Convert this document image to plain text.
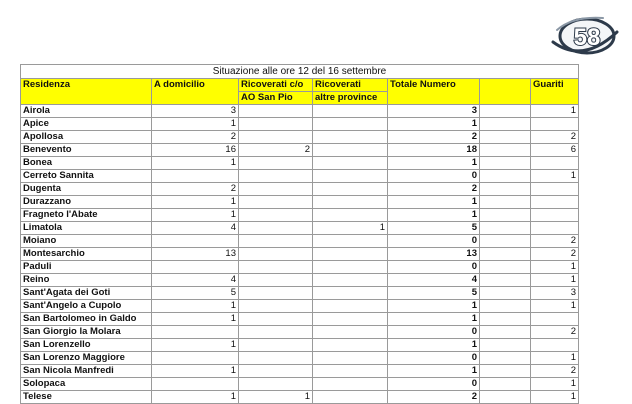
58
Situazione alle ore 12 del 16 settembre						
Residenza	A domicilio	Ricoverati c/o	Ricoverati	Totale Numero		Guariti
		AO San Pio	altre province			
Airola	3			3		1
Apice	1			1		
Apollosa	2			2		2
Benevento	16	2		18		6
Bonea	1			1		
Cerreto Sannita				0		1
Dugenta	2			2		
Durazzano	1			1		
Fragneto l'Abate	1			1		
Limatola	4		1	5		
Moiano				0		2
Montesarchio	13			13		2
Paduli				0		1
Reino	4			4		1
Sant'Agata dei Goti	5			5		3
Sant'Angelo a Cupolo	1			1		1
San Bartolomeo in Galdo	1			1		
San Giorgio la Molara				0		2
San Lorenzello	1			1		
San Lorenzo Maggiore				0		1
San Nicola Manfredi	1			1		2
Solopaca				0		1
Telese	1	1		2		1
